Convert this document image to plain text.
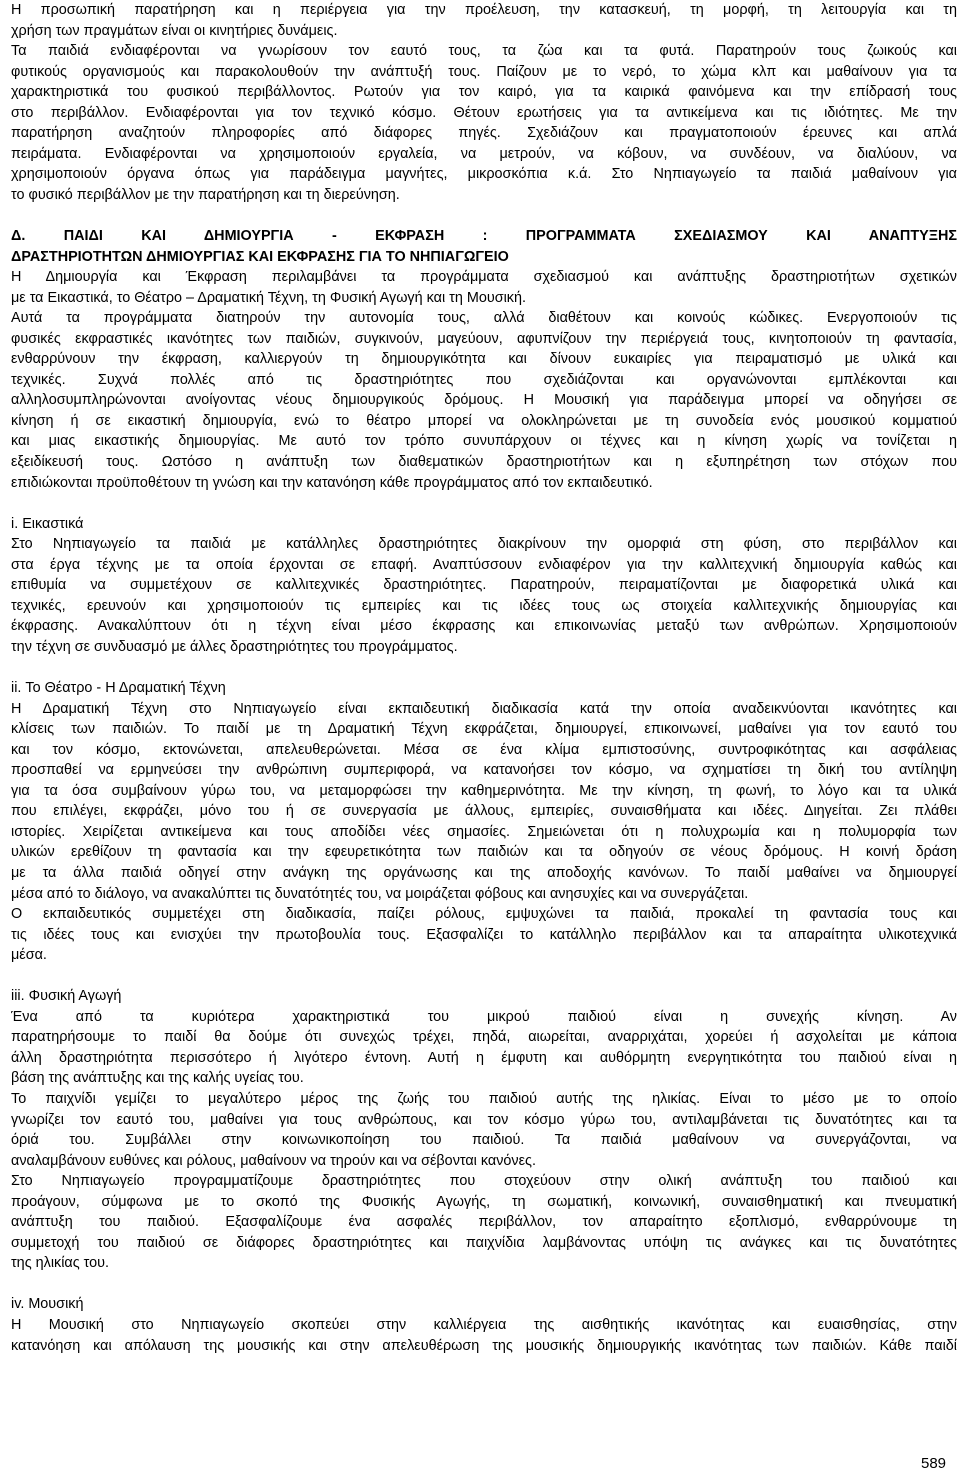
Η προσωπική παρατήρηση και η περιέργεια για την προέλευση, την κατασκευή, τη μορφή, τη λειτουργία και τη
χρήση των πραγμάτων είναι οι κινητήριες δυνάμεις.
Τα παιδιά ενδιαφέρονται να γνωρίσουν τον εαυτό τους, τα ζώα και τα φυτά. Παρατηρούν τους ζωικούς και
φυτικούς οργανισμούς και παρακολουθούν την ανάπτυξή τους. Παίζουν με το νερό, το χώμα κλπ και μαθαίνουν για τα
χαρακτηριστικά του φυσικού περιβάλλοντος. Ρωτούν για τον καιρό, για τα καιρικά φαινόμενα και την επίδρασή τους
στο περιβάλλον. Ενδιαφέρονται για τον τεχνικό κόσμο. Θέτουν ερωτήσεις για τα αντικείμενα και τις ιδιότητες. Με την
παρατήρηση αναζητούν πληροφορίες από διάφορες πηγές. Σχεδιάζουν και πραγματοποιούν έρευνες και απλά
πειράματα. Ενδιαφέρονται να χρησιμοποιούν εργαλεία, να μετρούν, να κόβουν, να συνδέουν, να διαλύουν, να
χρησιμοποιούν όργανα όπως για παράδειγμα μαγνήτες, μικροσκόπια κ.ά. Στο Νηπιαγωγείο τα παιδιά μαθαίνουν για
το φυσικό περιβάλλον με την παρατήρηση και τη διερεύνηση.
Δ. ΠΑΙΔΙ ΚΑΙ ΔΗΜΙΟΥΡΓΙΑ - ΕΚΦΡΑΣΗ : ΠΡΟΓΡΑΜΜΑΤΑ ΣΧΕΔΙΑΣΜΟΥ ΚΑΙ ΑΝΑΠΤΥΞΗΣ
ΔΡΑΣΤΗΡΙΟΤΗΤΩΝ ΔΗΜΙΟΥΡΓΙΑΣ ΚΑΙ ΕΚΦΡΑΣΗΣ ΓΙΑ ΤΟ ΝΗΠΙΑΓΩΓΕΙΟ
Η Δημιουργία και Έκφραση περιλαμβάνει τα προγράμματα σχεδιασμού και ανάπτυξης δραστηριοτήτων σχετικών
με τα Εικαστικά, το Θέατρο – Δραματική Τέχνη, τη Φυσική Αγωγή και τη Μουσική.
Αυτά τα προγράμματα διατηρούν την αυτονομία τους, αλλά διαθέτουν και κοινούς κώδικες. Ενεργοποιούν τις
φυσικές εκφραστικές ικανότητες των παιδιών, συγκινούν, μαγεύουν, αφυπνίζουν την περιέργειά τους, κινητοποιούν τη φαντασία,
ενθαρρύνουν την έκφραση, καλλιεργούν τη δημιουργικότητα και δίνουν ευκαιρίες για πειραματισμό με υλικά και
τεχνικές. Συχνά πολλές από τις δραστηριότητες που σχεδιάζονται και οργανώνονται εμπλέκονται και
αλληλοσυμπληρώνονται ανοίγοντας νέους δημιουργικούς δρόμους. Η Μουσική για παράδειγμα μπορεί να οδηγήσει σε
κίνηση ή σε εικαστική δημιουργία, ενώ το θέατρο μπορεί να ολοκληρώνεται με τη συνοδεία ενός μουσικού κομματιού
και μιας εικαστικής δημιουργίας. Με αυτό τον τρόπο συνυπάρχουν οι τέχνες και η κίνηση χωρίς να τονίζεται η
εξειδίκευσή τους. Ωστόσο η ανάπτυξη των διαθεματικών δραστηριοτήτων και η εξυπηρέτηση των στόχων που
επιδιώκονται προϋποθέτουν τη γνώση και την κατανόηση κάθε προγράμματος από τον εκπαιδευτικό.
i. Εικαστικά
Στο Νηπιαγωγείο τα παιδιά με κατάλληλες δραστηριότητες διακρίνουν την ομορφιά στη φύση, στο περιβάλλον και
στα έργα τέχνης με τα οποία έρχονται σε επαφή. Αναπτύσσουν ενδιαφέρον για την καλλιτεχνική δημιουργία καθώς και
επιθυμία να συμμετέχουν σε καλλιτεχνικές δραστηριότητες. Παρατηρούν, πειραματίζονται με διαφορετικά υλικά και
τεχνικές, ερευνούν και χρησιμοποιούν τις εμπειρίες και τις ιδέες τους ως στοιχεία καλλιτεχνικής δημιουργίας και
έκφρασης. Ανακαλύπτουν ότι η τέχνη είναι μέσο έκφρασης και επικοινωνίας μεταξύ των ανθρώπων. Χρησιμοποιούν
την τέχνη σε συνδυασμό με άλλες δραστηριότητες του προγράμματος.
ii. Το Θέατρο - Η Δραματική Τέχνη
Η Δραματική Τέχνη στο Νηπιαγωγείο είναι εκπαιδευτική διαδικασία κατά την οποία αναδεικνύονται ικανότητες και
κλίσεις των παιδιών. Το παιδί με τη Δραματική Τέχνη εκφράζεται, δημιουργεί, επικοινωνεί, μαθαίνει για τον εαυτό του
και τον κόσμο, εκτονώνεται, απελευθερώνεται. Μέσα σε ένα κλίμα εμπιστοσύνης, συντροφικότητας και ασφάλειας
προσπαθεί να ερμηνεύσει την ανθρώπινη συμπεριφορά, να κατανοήσει τον κόσμο, να σχηματίσει τη δική του αντίληψη
για τα όσα συμβαίνουν γύρω του, να μεταμορφώσει την καθημερινότητα. Με την κίνηση, τη φωνή, το λόγο και τα υλικά
που επιλέγει, εκφράζει, μόνο του ή σε συνεργασία με άλλους, εμπειρίες, συναισθήματα και ιδέες. Διηγείται. Ζει πλάθει
ιστορίες. Χειρίζεται αντικείμενα και τους αποδίδει νέες σημασίες. Σημειώνεται ότι η πολυχρωμία και η πολυμορφία των
υλικών ερεθίζουν τη φαντασία και την εφευρετικότητα των παιδιών και τα οδηγούν σε νέους δρόμους. Η κοινή δράση
με τα άλλα παιδιά οδηγεί στην ανάγκη της οργάνωσης και της αποδοχής κανόνων. Το παιδί μαθαίνει να δημιουργεί
μέσα από το διάλογο, να ανακαλύπτει τις δυνατότητές του, να μοιράζεται φόβους και ανησυχίες και να συνεργάζεται.
Ο εκπαιδευτικός συμμετέχει στη διαδικασία, παίζει ρόλους, εμψυχώνει τα παιδιά, προκαλεί τη φαντασία τους και
τις ιδέες τους και ενισχύει την πρωτοβουλία τους. Εξασφαλίζει το κατάλληλο περιβάλλον και τα απαραίτητα υλικοτεχνικά
μέσα.
iii. Φυσική Αγωγή
Ένα από τα κυριότερα χαρακτηριστικά του μικρού παιδιού είναι η συνεχής κίνηση. Αν
παρατηρήσουμε το παιδί θα δούμε ότι συνεχώς τρέχει, πηδά, αιωρείται, αναρριχάται, χορεύει ή ασχολείται με κάποια
άλλη δραστηριότητα περισσότερο ή λιγότερο έντονη. Αυτή η έμφυτη και αυθόρμητη ενεργητικότητα του παιδιού είναι η
βάση της ανάπτυξης και της καλής υγείας του.
Το παιχνίδι γεμίζει το μεγαλύτερο μέρος της ζωής του παιδιού αυτής της ηλικίας. Είναι το μέσο με το οποίο
γνωρίζει τον εαυτό του, μαθαίνει για τους ανθρώπους, και τον κόσμο γύρω του, αντιλαμβάνεται τις δυνατότητες και τα
όριά του. Συμβάλλει στην κοινωνικοποίηση του παιδιού. Τα παιδιά μαθαίνουν να συνεργάζονται, να
αναλαμβάνουν ευθύνες και ρόλους, μαθαίνουν να τηρούν και να σέβονται κανόνες.
Στο Νηπιαγωγείο προγραμματίζουμε δραστηριότητες που στοχεύουν στην ολική ανάπτυξη του παιδιού και
προάγουν, σύμφωνα με το σκοπό της Φυσικής Αγωγής, τη σωματική, κοινωνική, συναισθηματική και πνευματική
ανάπτυξη του παιδιού. Εξασφαλίζουμε ένα ασφαλές περιβάλλον, τον απαραίτητο εξοπλισμό, ενθαρρύνουμε τη
συμμετοχή του παιδιού σε διάφορες δραστηριότητες και παιχνίδια λαμβάνοντας υπόψη τις ανάγκες και τις δυνατότητες
της ηλικίας του.
iv. Μουσική
Η Μουσική στο Νηπιαγωγείο σκοπεύει στην καλλιέργεια της αισθητικής ικανότητας και ευαισθησίας, στην
κατανόηση και απόλαυση της μουσικής και στην απελευθέρωση της μουσικής δημιουργικής ικανότητας των παιδιών. Κάθε παιδί
589
